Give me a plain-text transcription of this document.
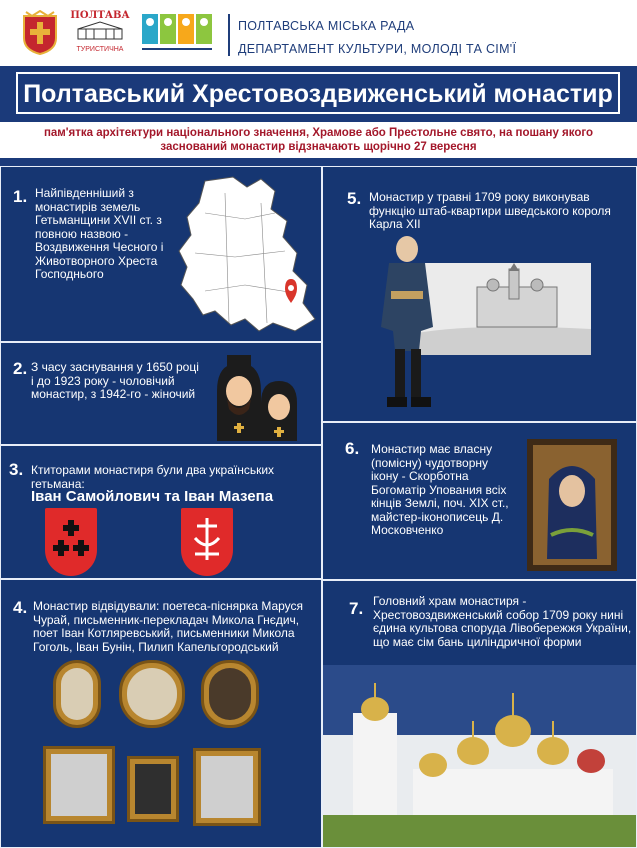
ПОЛТАВА
ТУРИСТИЧНА
ПОЛТАВСЬКА МІСЬКА РАДА
ДЕПАРТАМЕНТ КУЛЬТУРИ, МОЛОДІ ТА СІМ'Ї
Полтавський Хрестовоздвиженський монастир
пам'ятка архітектури національного значення, Храмове або Престольне свято, на пошану якого заснований монастир відзначають щорічно 27 вересня
1. Найпівденніший з монастирів земель Гетьманщини XVII ст. з повною назвою - Воздвиження Чесного і Животворного Хреста Господнього
2. З часу заснування у 1650 році і до 1923 року - чоловічий монастир, з 1942-го - жіночий
3. Ктиторами монастиря були два українських гетьмана:
Іван Самойлович та Іван Мазепа
4. Монастир відвідували: поетеса-піснярка Маруся Чурай, письменник-перекладач Микола Гнєдич, поет Іван Котляревський, письменники Микола Гоголь, Іван Бунін, Пилип Капельгородський
5. Монастир у травні 1709 року виконував функцію штаб-квартири шведського короля Карла XII
6. Монастир має власну (помісну) чудотворну ікону - Скорботна Богоматір Упования всіх кінців Землі, поч. XIX ст., майстер-іконописець Д. Московченко
7. Головний храм монастиря - Хрестовоздвиженський собор 1709 року нині єдина культова споруда Лівобережжя України, що має сім бань циліндричної форми
